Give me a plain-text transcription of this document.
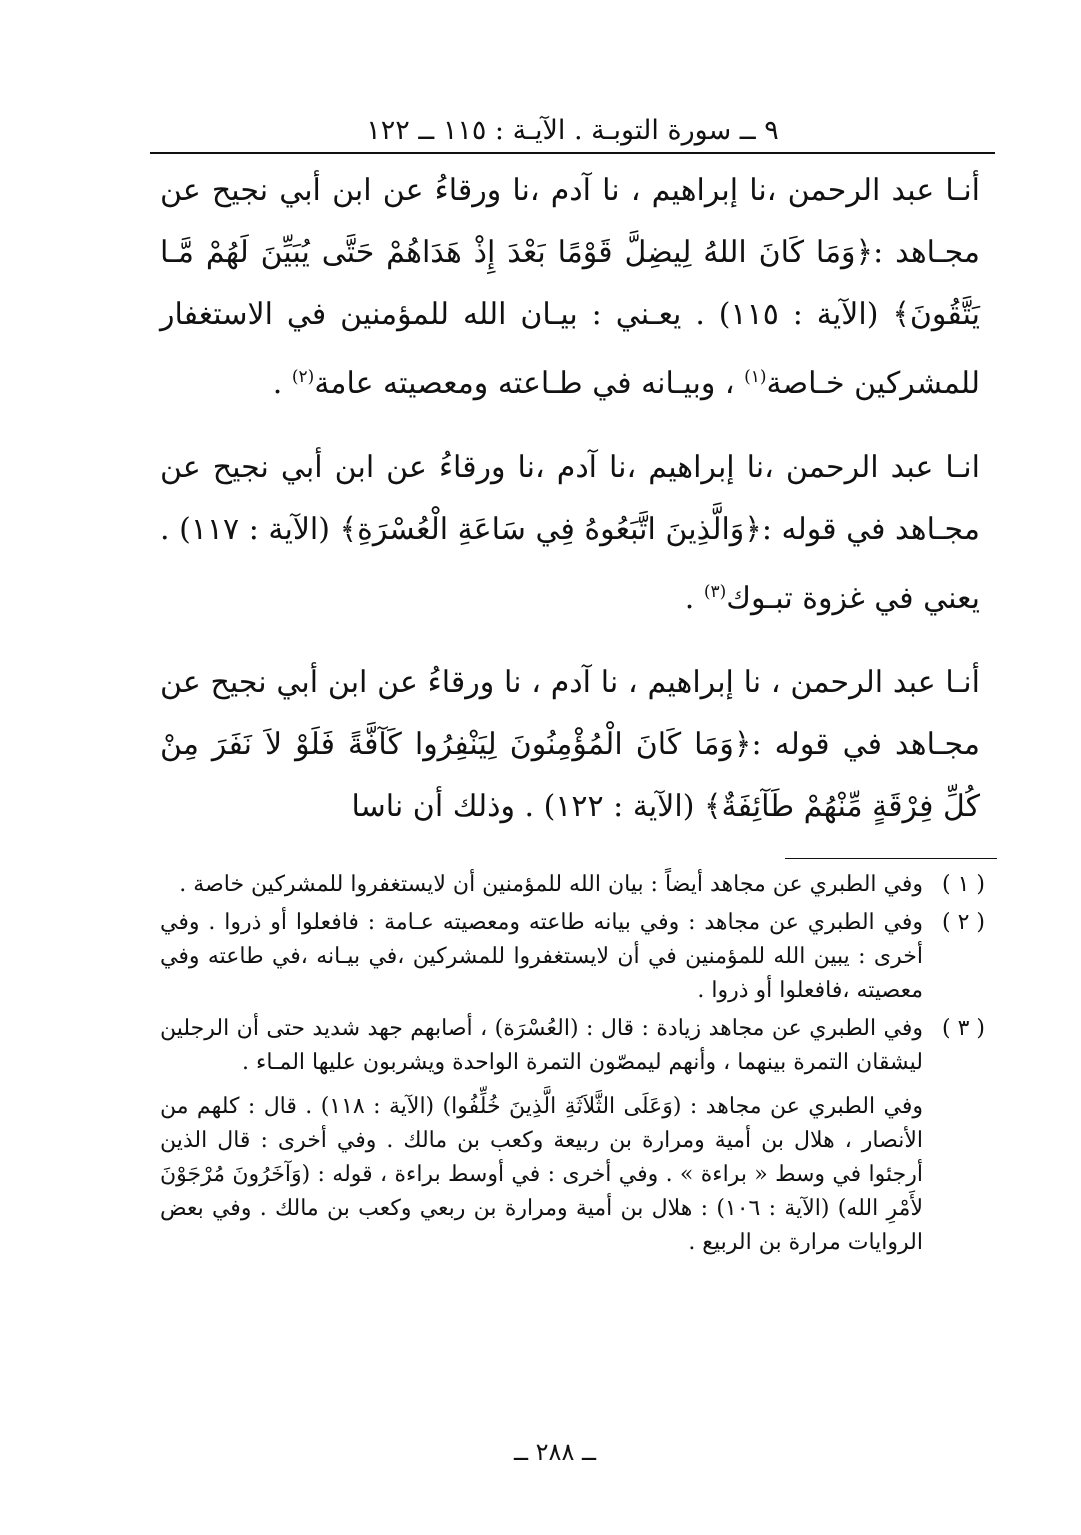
٩ ــ سورة التوبـة . الآيـة : ١١٥ ــ ١٢٢

أنـا عبد الرحمن ،نا إبراهيم ، نا آدم ،نا ورقاءُ عن ابن أبي نجيح عن مجـاهد :﴿وَمَا كَانَ اللهُ لِيضِلَّ قَوْمًا بَعْدَ إِذْ هَدَاهُمْ حَتَّى يُبَيِّنَ لَهُمْ مَّـا يَتَّقُونَ﴾ (الآية : ١١٥) . يعـني : بيـان الله للمؤمنين في الاستغفار للمشركين خـاصة$^{(١)}$ ، وبيـانه في طـاعته ومعصيته عامة$^{(٢)}$ .

انـا عبد الرحمن ،نا إبراهيم ،نا آدم ،نا ورقاءُ عن ابن أبي نجيح عن مجـاهد في قوله :﴿وَالَّذِينَ اتَّبَعُوهُ فِي سَاعَةِ الْعُسْرَةِ﴾ (الآية : ١١٧) . يعني في غزوة تبـوك$^{(٣)}$ .

أنـا عبد الرحمن ، نا إبراهيم ، نا آدم ، نا ورقاءُ عن ابن أبي نجيح عن مجـاهد في قوله :﴿وَمَا كَانَ الْمُؤْمِنُونَ لِيَنْفِرُوا كَآفَّةً فَلَوْ لاَ نَفَرَ مِنْ كُلِّ فِرْقَةٍ مِّنْهُمْ طَآئِفَةٌ﴾ (الآية : ١٢٢) . وذلك أن ناسا

( ١ )
وفي الطبري عن مجاهد أيضاً : بيان الله للمؤمنين أن لايستغفروا للمشركين خاصة .
( ٢ )
وفي الطبري عن مجاهد : وفي بيانه طاعته ومعصيته عـامة : فافعلوا أو ذروا . وفي أخرى : يبين الله للمؤمنين في أن لايستغفروا للمشركين ،في بيـانه ،في طاعته وفي معصيته ،فافعلوا أو ذروا .
( ٣ )
وفي الطبري عن مجاهد زيادة : قال : (العُسْرَة) ، أصابهم جهد شديد حتى أن الرجلين ليشقان التمرة بينهما ، وأنهم ليمصّون التمرة الواحدة ويشربون عليها المـاء .

وفي الطبري عن مجاهد : (وَعَلَى الثَّلاَثَةِ الَّذِينَ خُلِّفُوا) (الآية : ١١٨) . قال : كلهم من الأنصار ، هلال بن أمية ومرارة بن ربيعة وكعب بن مالك . وفي أخرى : قال الذين أرجئوا في وسط « براءة » . وفي أخرى : في أوسط براءة ، قوله : (وَآخَرُونَ مُرْجَوْنَ لأَمْرِ الله) (الآية : ١٠٦) : هلال بن أمية ومرارة بن ربعي وكعب بن مالك . وفي بعض الروايات مرارة بن الربيع .

ــ ٢٨٨ ــ
